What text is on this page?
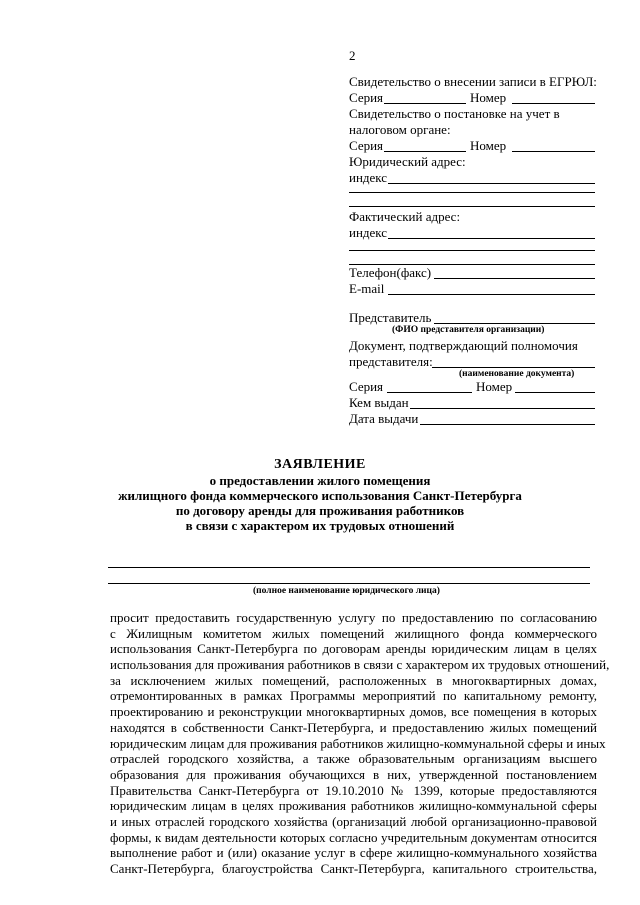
2
Свидетельство о внесении записи в ЕГРЮЛ:
Серия	Номер
Свидетельство о постановке на учет в
налоговом органе:
Серия	Номер
Юридический адрес:
индекс
Фактический адрес:
индекс
Телефон(факс)
E-mail
Представитель
(ФИО представителя организации)
Документ, подтверждающий полномочия
представителя:
(наименование документа)
Серия	Номер
Кем выдан
Дата выдачи
ЗАЯВЛЕНИЕ
о предоставлении жилого помещения
жилищного фонда коммерческого использования Санкт-Петербурга
по договору аренды для проживания работников
в связи с характером их трудовых отношений
(полное наименование юридического лица)
просит предоставить государственную услугу по предоставлению по согласованию
с Жилищным комитетом жилых помещений жилищного фонда коммерческого
использования Санкт-Петербурга по договорам аренды юридическим лицам в целях
использования для проживания работников в связи с характером их трудовых отношений,
за исключением жилых помещений, расположенных в многоквартирных домах,
отремонтированных в рамках Программы мероприятий по капитальному ремонту,
проектированию и реконструкции многоквартирных домов, все помещения в которых
находятся в собственности Санкт-Петербурга, и предоставлению жилых помещений
юридическим лицам для проживания работников жилищно-коммунальной сферы и иных
отраслей городского хозяйства, а также образовательным организациям высшего
образования для проживания обучающихся в них, утвержденной постановлением
Правительства Санкт-Петербурга от 19.10.2010 № 1399, которые предоставляются
юридическим лицам в целях проживания работников жилищно-коммунальной сферы
и иных отраслей городского хозяйства (организаций любой организационно-правовой
формы, к видам деятельности которых согласно учредительным документам относится
выполнение работ и (или) оказание услуг в сфере жилищно-коммунального хозяйства
Санкт-Петербурга, благоустройства Санкт-Петербурга, капитального строительства,
